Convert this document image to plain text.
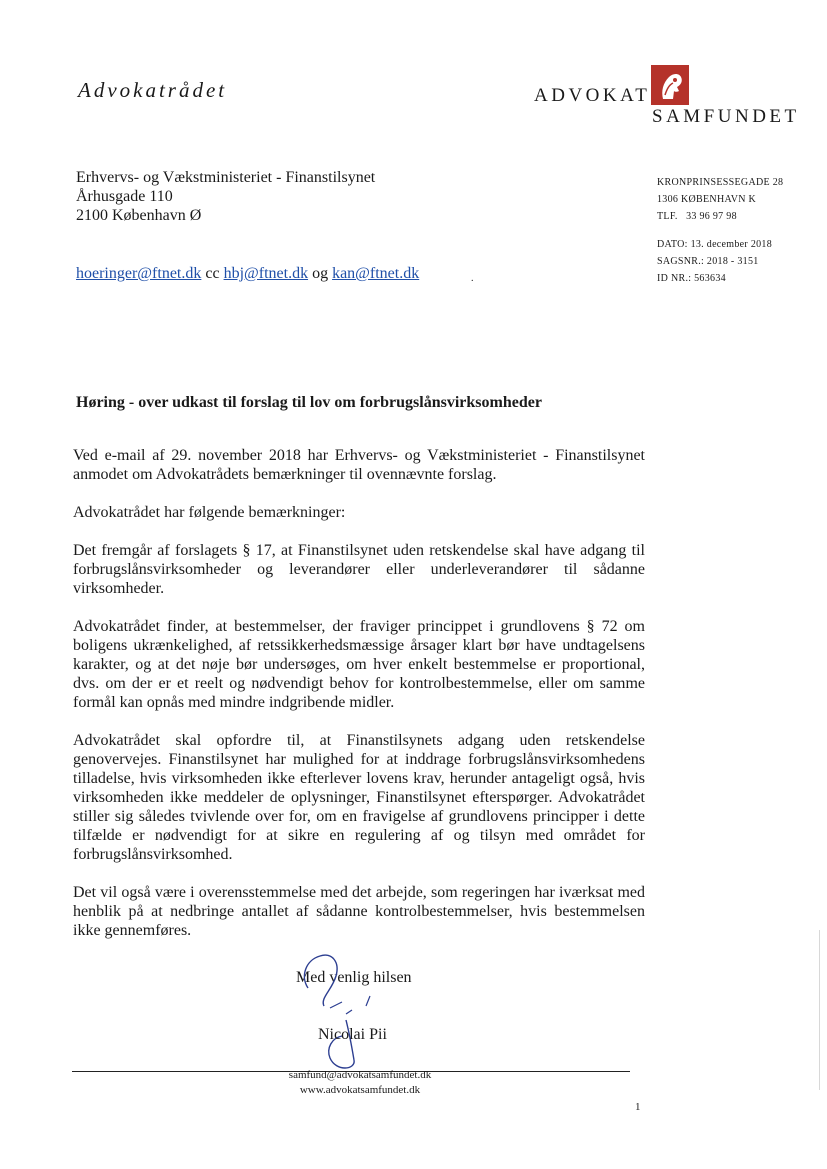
Advokatrådet	ADVOKAT
SAMFUNDET
Erhvervs- og Vækstministeriet - Finanstilsynet
Århusgade 110
2100 København Ø
KRONPRINSESSEGADE 28
1306 KØBENHAVN K
TLF.   33 96 97 98
DATO: 13. december 2018
SAGSNR.: 2018 - 3151
ID NR.: 563634
hoeringer@ftnet.dk cc hbj@ftnet.dk og kan@ftnet.dk	.
Høring - over udkast til forslag til lov om forbrugslånsvirksomheder

Ved e-mail af 29. november 2018 har Erhvervs- og Vækstministeriet - Finanstilsynet anmodet om Advokatrådets bemærkninger til ovennævnte forslag.

Advokatrådet har følgende bemærkninger:

Det fremgår af forslagets § 17, at Finanstilsynet uden retskendelse skal have adgang til forbrugslånsvirksomheder og leverandører eller underleverandører til sådanne virksomheder.

Advokatrådet finder, at bestemmelser, der fraviger princippet i grundlovens § 72 om boligens ukrænkelighed, af retssikkerhedsmæssige årsager klart bør have undtagelsens karakter, og at det nøje bør undersøges, om hver enkelt bestemmelse er proportional, dvs. om der er et reelt og nødvendigt behov for kontrolbestemmelse, eller om samme formål kan opnås med mindre indgribende midler.

Advokatrådet skal opfordre til, at Finanstilsynets adgang uden retskendelse genovervejes. Finanstilsynet har mulighed for at inddrage forbrugslånsvirksomhedens tilladelse, hvis virksomheden ikke efterlever lovens krav, herunder antageligt også, hvis virksomheden ikke meddeler de oplysninger, Finanstilsynet efterspørger. Advokatrådet stiller sig således tvivlende over for, om en fravigelse af grundlovens principper i dette tilfælde er nødvendigt for at sikre en regulering af og tilsyn med området for forbrugslånsvirksomhed.

Det vil også være i overensstemmelse med det arbejde, som regeringen har iværksat med henblik på at nedbringe antallet af sådanne kontrolbestemmelser, hvis bestemmelsen ikke gennemføres.

Med venlig hilsen
Nicolai Pii
samfund@advokatsamfundet.dk
www.advokatsamfundet.dk
1
